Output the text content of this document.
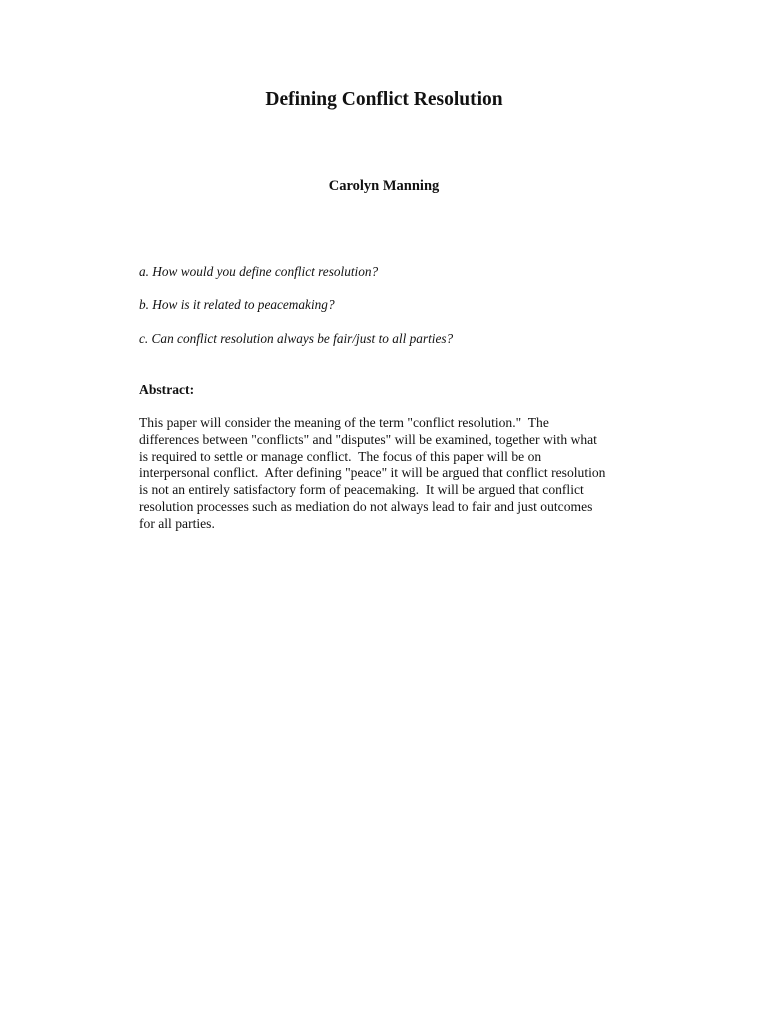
Defining Conflict Resolution

Carolyn Manning

a. How would you define conflict resolution?

b. How is it related to peacemaking?

c. Can conflict resolution always be fair/just to all parties?

Abstract:

This paper will consider the meaning of the term "conflict resolution."  The
differences between "conflicts" and "disputes" will be examined, together with what
is required to settle or manage conflict.  The focus of this paper will be on
interpersonal conflict.  After defining "peace" it will be argued that conflict resolution
is not an entirely satisfactory form of peacemaking.  It will be argued that conflict
resolution processes such as mediation do not always lead to fair and just outcomes
for all parties.
